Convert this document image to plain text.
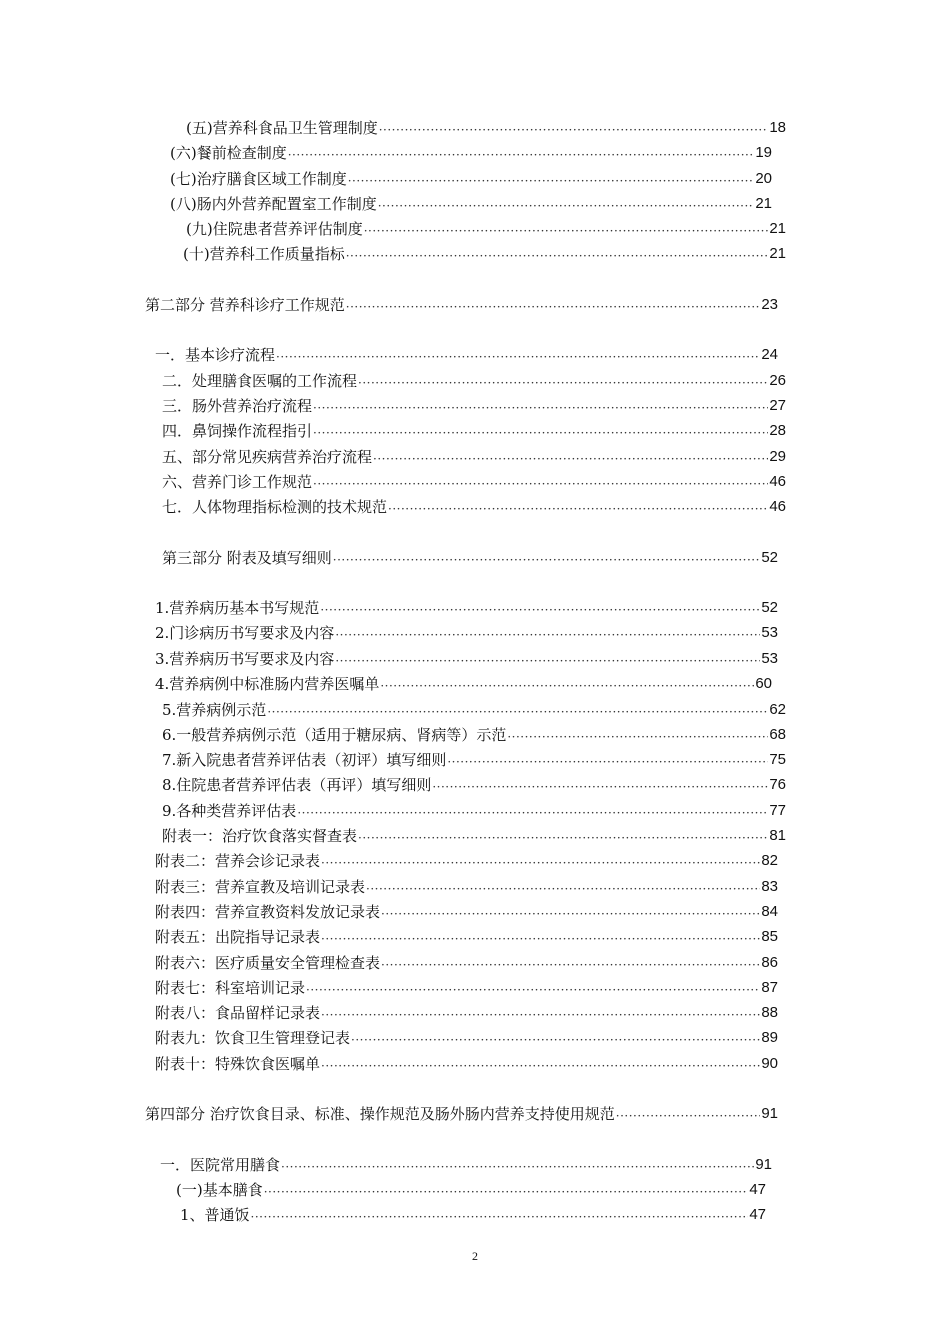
(五)营养科食品卫生管理制度 ·····	18
(六)餐前检查制度 ·····	19
(七)治疗膳食区域工作制度 ·····	20
(八)肠内外营养配置室工作制度 ·····	21
(九)住院患者营养评估制度 ·····	21
(十)营养科工作质量指标 ·····	21
第二部分 营养科诊疗工作规范 ·····	23
一．基本诊疗流程 ·····	24
二．处理膳食医嘱的工作流程 ·····	26
三．肠外营养治疗流程 ·····	27
四．鼻饲操作流程指引 ·····	28
五、部分常见疾病营养治疗流程 ·····	29
六、营养门诊工作规范 ·····	46
七．人体物理指标检测的技术规范 ·····	46
第三部分 附表及填写细则 ·····	52
1.营养病历基本书写规范 ·····	52
2.门诊病历书写要求及内容 ·····	53
3.营养病历书写要求及内容 ·····	53
4.营养病例中标准肠内营养医嘱单 ·····	60
5.营养病例示范 ·····	62
6.一般营养病例示范（适用于糖尿病、肾病等）示范 ·····	68
7.新入院患者营养评估表（初评）填写细则 ·····	75
8.住院患者营养评估表（再评）填写细则 ·····	76
9.各种类营养评估表 ·····	77
附表一：治疗饮食落实督查表 ·····	81
附表二：营养会诊记录表 ·····	82
附表三：营养宣教及培训记录表 ·····	83
附表四：营养宣教资料发放记录表 ·····	84
附表五：出院指导记录表 ·····	85
附表六：医疗质量安全管理检查表 ·····	86
附表七：科室培训记录 ·····	87
附表八：食品留样记录表 ·····	88
附表九：饮食卫生管理登记表 ·····	89
附表十：特殊饮食医嘱单 ·····	90
第四部分 治疗饮食目录、标准、操作规范及肠外肠内营养支持使用规范 ·····	91
一．医院常用膳食 ·····	91
(一)基本膳食 ·····	47
1、普通饭 ·····	47
2
